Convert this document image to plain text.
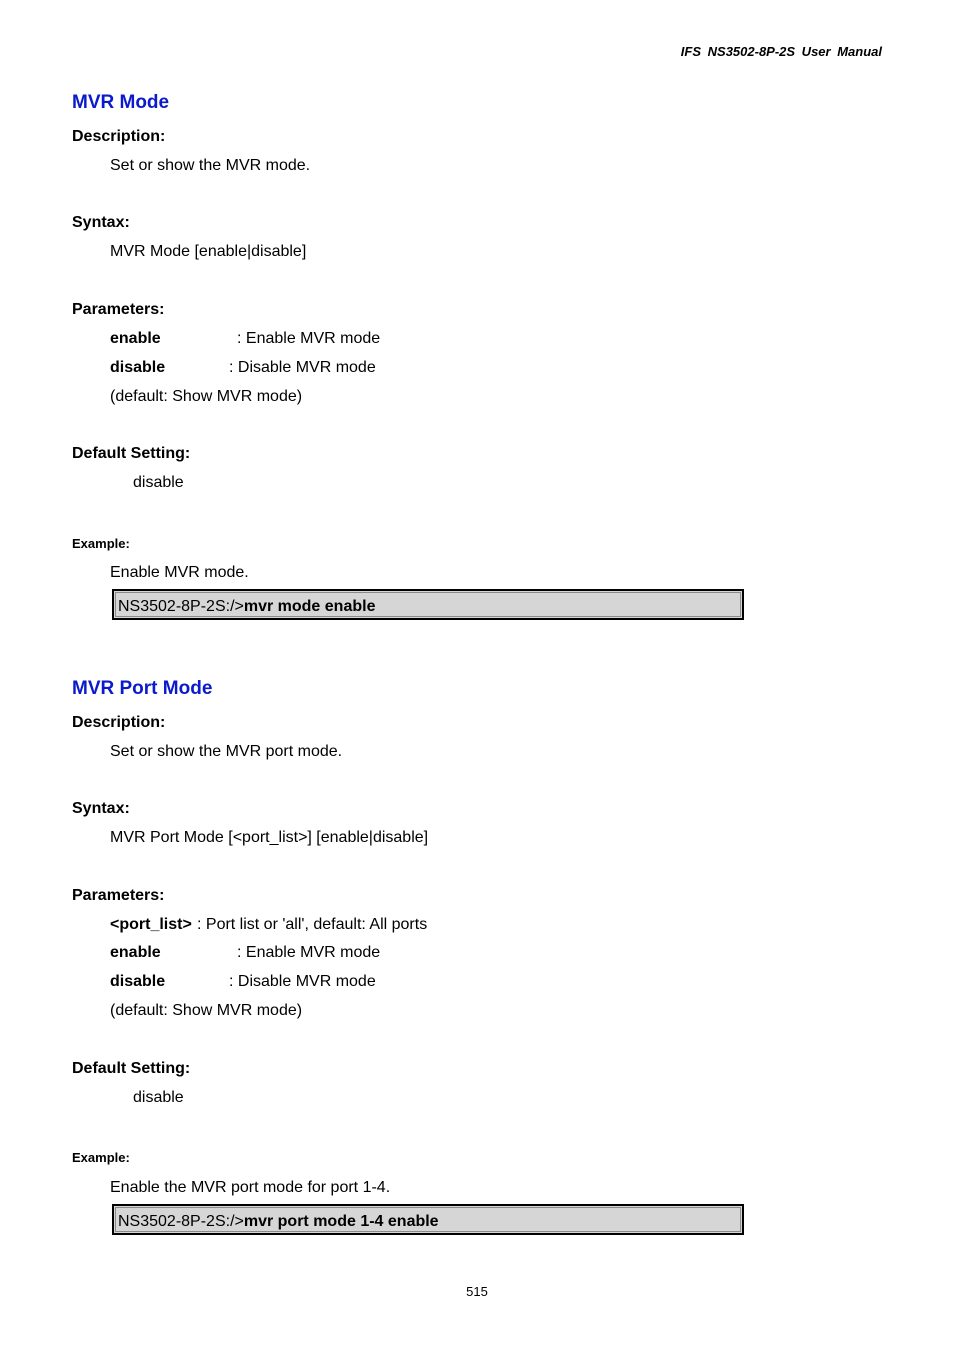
IFS NS3502-8P-2S User Manual
MVR Mode
Description:
Set or show the MVR mode.
Syntax:
MVR Mode [enable|disable]
Parameters:
enable	: Enable MVR mode
disable	: Disable MVR mode
(default: Show MVR mode)
Default Setting:
disable
Example:
Enable MVR mode.
NS3502-8P-2S:/>mvr mode enable
MVR Port Mode
Description:
Set or show the MVR port mode.
Syntax:
MVR Port Mode [<port_list>] [enable|disable]
Parameters:
<port_list> : Port list or 'all', default: All ports
enable	: Enable MVR mode
disable	: Disable MVR mode
(default: Show MVR mode)
Default Setting:
disable
Example:
Enable the MVR port mode for port 1-4.
NS3502-8P-2S:/>mvr port mode 1-4 enable
515
